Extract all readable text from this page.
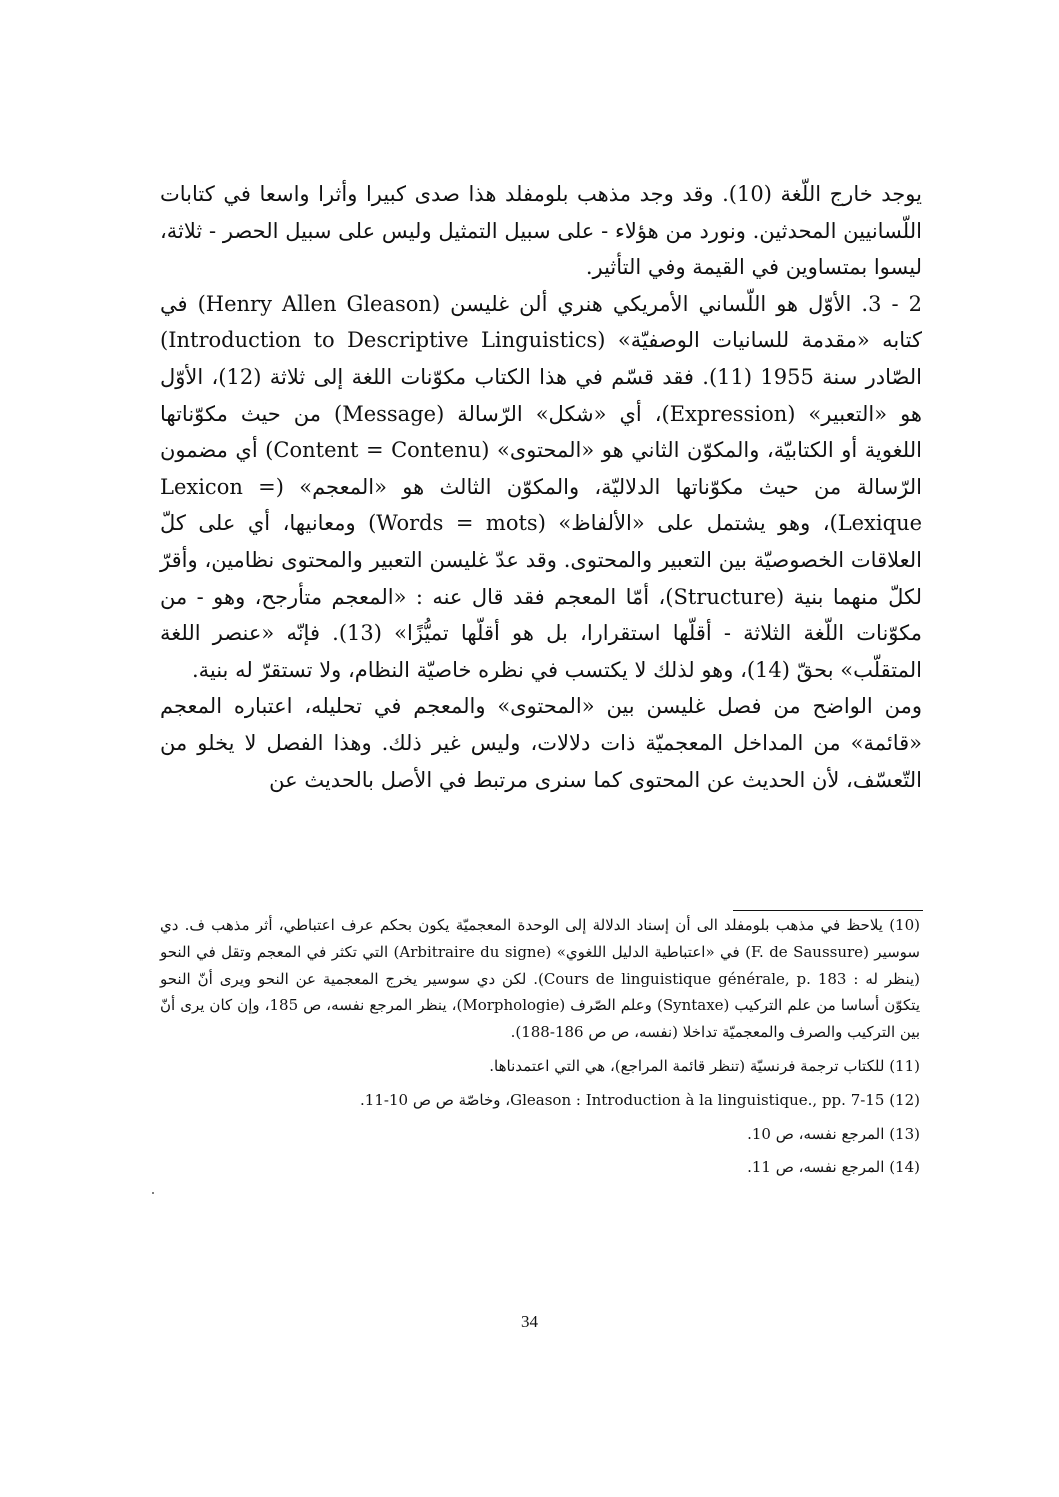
يوجد خارج اللّغة (10). وقد وجد مذهب بلومفلد هذا صدى كبيرا وأثرا واسعا في كتابات اللّسانيين المحدثين. ونورد من هؤلاء - على سبيل التمثيل وليس على سبيل الحصر - ثلاثة، ليسوا بمتساوين في القيمة وفي التأثير.

2 - 3. الأوّل هو اللّساني الأمريكي هنري ألن غليسن (Henry Allen Gleason) في كتابه «مقدمة للسانيات الوصفيّة» (Introduction to Descriptive Linguistics) الصّادر سنة 1955 (11). فقد قسّم في هذا الكتاب مكوّنات اللغة إلى ثلاثة (12)، الأوّل هو «التعبير» (Expression)، أي «شكل» الرّسالة (Message) من حيث مكوّناتها اللغوية أو الكتابيّة، والمكوّن الثاني هو «المحتوى» (Content = Contenu) أي مضمون الرّسالة من حيث مكوّناتها الدلاليّة، والمكوّن الثالث هو «المعجم» (Lexicon = Lexique)، وهو يشتمل على «الألفاظ» (Words = mots) ومعانيها، أي على كلّ العلاقات الخصوصيّة بين التعبير والمحتوى. وقد عدّ غليسن التعبير والمحتوى نظامين، وأقرّ لكلّ منهما بنية (Structure)، أمّا المعجم فقد قال عنه : «المعجم متأرجح، وهو - من مكوّنات اللّغة الثلاثة - أقلّها استقرارا، بل هو أقلّها تميُّزًا» (13). فإنّه «عنصر اللغة المتقلّب» بحقّ (14)، وهو لذلك لا يكتسب في نظره خاصيّة النظام، ولا تستقرّ له بنية.

ومن الواضح من فصل غليسن بين «المحتوى» والمعجم في تحليله، اعتباره المعجم «قائمة» من المداخل المعجميّة ذات دلالات، وليس غير ذلك. وهذا الفصل لا يخلو من التّعسّف، لأن الحديث عن المحتوى كما سنرى مرتبط في الأصل بالحديث عن

(10) يلاحظ في مذهب بلومفلد الى أن إسناد الدلالة إلى الوحدة المعجميّة يكون بحكم عرف اعتباطي، أثر مذهب ف. دي سوسير (F. de Saussure) في «اعتباطية الدليل اللغوي» (Arbitraire du signe) التي تكثر في المعجم وتقل في النحو (ينظر له : Cours de linguistique générale, p. 183). لكن دي سوسير يخرج المعجمية عن النحو ويرى أنّ النحو يتكوّن أساسا من علم التركيب (Syntaxe) وعلم الصّرف (Morphologie)، ينظر المرجع نفسه، ص 185، وإن كان يرى أنّ بين التركيب والصرف والمعجميّة تداخلا (نفسه، ص ص 186-188).

(11) للكتاب ترجمة فرنسيّة (تنظر قائمة المراجع)، هي التي اعتمدناها.

(12) Gleason : Introduction à la linguistique., pp. 7-15، وخاصّة ص ص 10-11.

(13) المرجع نفسه، ص 10.

(14) المرجع نفسه، ص 11.

34
